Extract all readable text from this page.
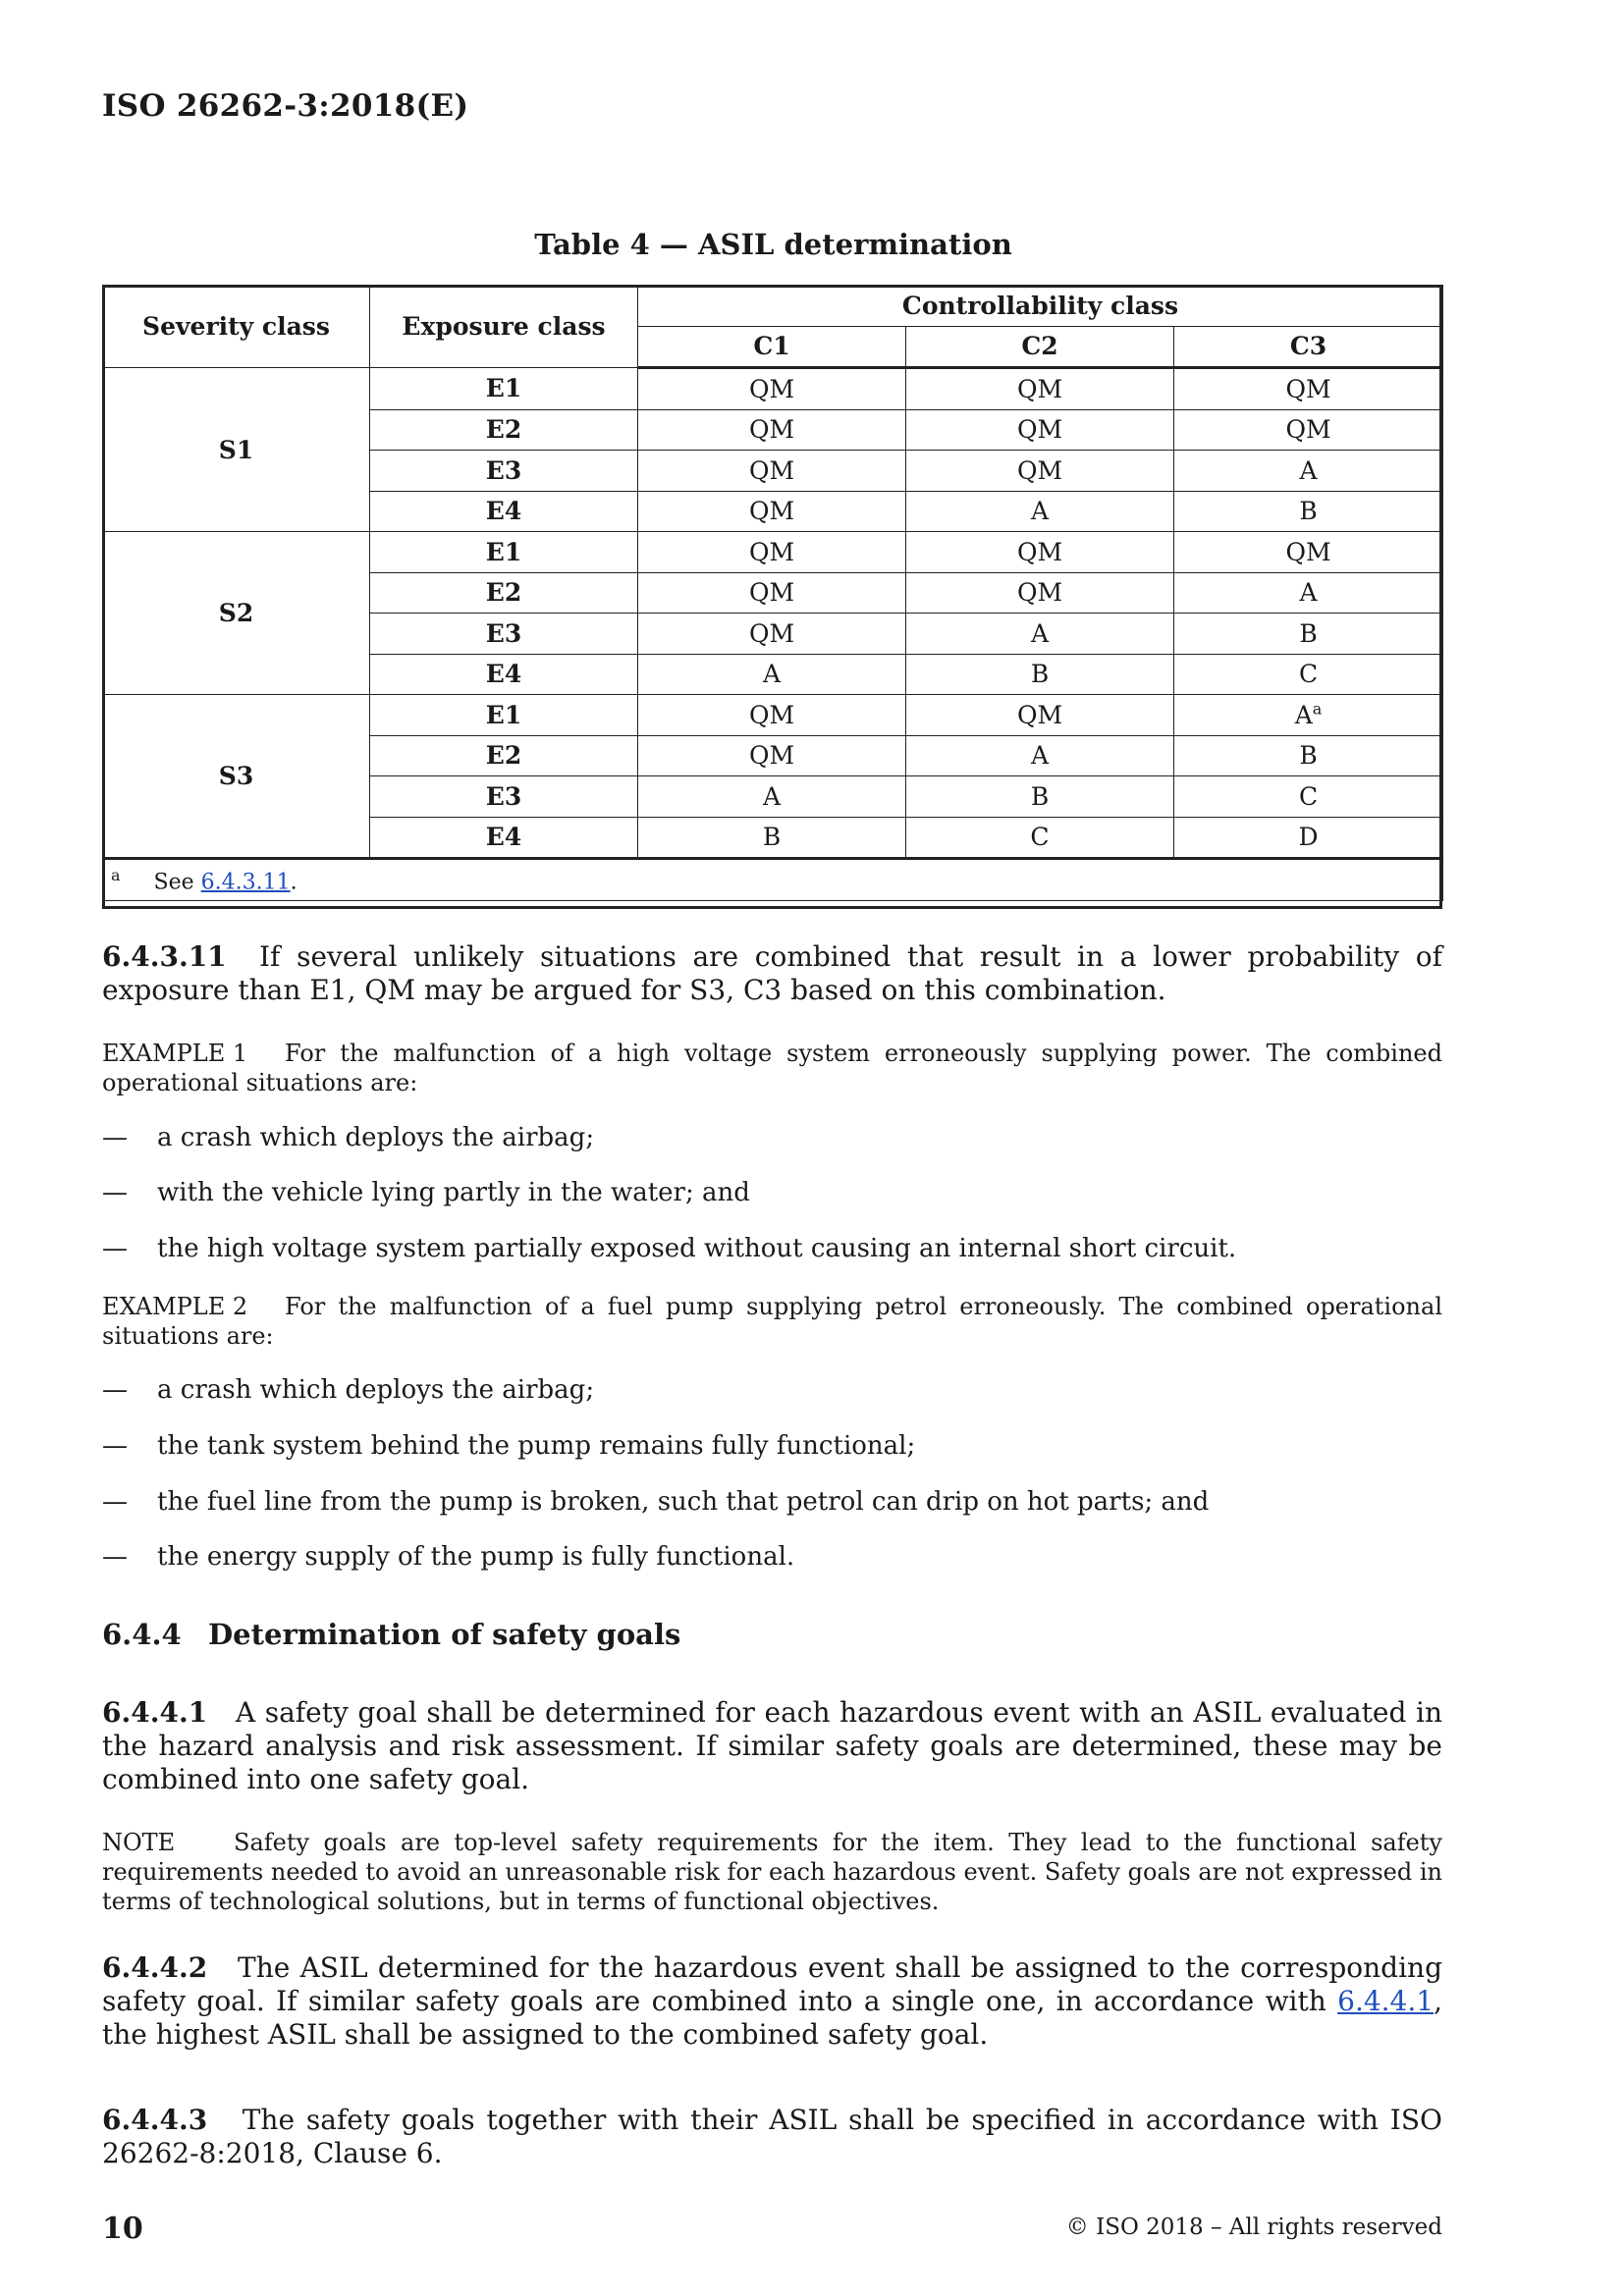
ISO 26262-3:2018(E)
Table 4 — ASIL determination
Severity class	Exposure class	Controllability class		
		C1	C2	C3
S1	E1	QM	QM	QM
	E2	QM	QM	QM
	E3	QM	QM	A
	E4	QM	A	B
S2	E1	QM	QM	QM
	E2	QM	QM	A
	E3	QM	A	B
	E4	A	B	C
S3	E1	QM	QM	$A^a$
	E2	QM	A	B
	E3	A	B	C
	E4	B	C	D
$^a$ See 6.4.3.11.				
6.4.3.11 If several unlikely situations are combined that result in a lower probability of exposure than E1, QM may be argued for S3, C3 based on this combination.
EXAMPLE 1 For the malfunction of a high voltage system erroneously supplying power. The combined operational situations are:
— a crash which deploys the airbag;
— with the vehicle lying partly in the water; and
— the high voltage system partially exposed without causing an internal short circuit.
EXAMPLE 2 For the malfunction of a fuel pump supplying petrol erroneously. The combined operational situations are:
— a crash which deploys the airbag;
— the tank system behind the pump remains fully functional;
— the fuel line from the pump is broken, such that petrol can drip on hot parts; and
— the energy supply of the pump is fully functional.
6.4.4 Determination of safety goals
6.4.4.1 A safety goal shall be determined for each hazardous event with an ASIL evaluated in the hazard analysis and risk assessment. If similar safety goals are determined, these may be combined into one safety goal.
NOTE Safety goals are top-level safety requirements for the item. They lead to the functional safety requirements needed to avoid an unreasonable risk for each hazardous event. Safety goals are not expressed in terms of technological solutions, but in terms of functional objectives.
6.4.4.2 The ASIL determined for the hazardous event shall be assigned to the corresponding safety goal. If similar safety goals are combined into a single one, in accordance with 6.4.4.1, the highest ASIL shall be assigned to the combined safety goal.
6.4.4.3 The safety goals together with their ASIL shall be specified in accordance with ISO 26262-8:2018, Clause 6.
10	© ISO 2018 – All rights reserved
